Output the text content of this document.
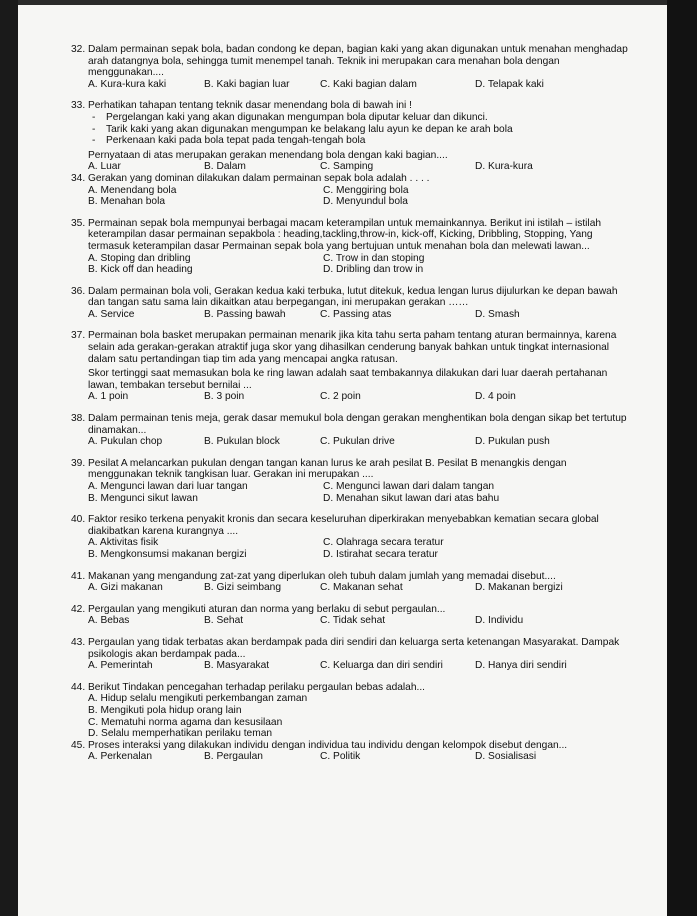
32. Dalam permainan sepak bola, badan condong ke depan, bagian kaki yang akan digunakan untuk menahan menghadap arah datangnya bola, sehingga tumit menempel tanah. Teknik ini merupakan cara menahan bola dengan menggunakan....
A. Kura-kura kaki	B. Kaki bagian luar	C. Kaki bagian dalam	D. Telapak kaki
33. Perhatikan tahapan tentang teknik dasar menendang bola di bawah ini !
- Pergelangan kaki yang akan digunakan mengumpan bola diputar keluar dan dikunci.
- Tarik kaki yang akan digunakan mengumpan ke belakang lalu ayun ke depan ke arah bola
- Perkenaan kaki pada bola tepat pada tengah-tengah bola
Pernyataan di atas merupakan gerakan menendang bola dengan kaki bagian....
A. Luar	B. Dalam	C. Samping	D. Kura-kura
34. Gerakan yang dominan dilakukan dalam permainan sepak bola adalah . . . .
A. Menendang bola	C. Menggiring bola
B. Menahan bola	D. Menyundul bola
35. Permainan sepak bola mempunyai berbagai macam keterampilan untuk memainkannya. Berikut ini istilah – istilah keterampilan dasar permainan sepakbola : heading,tackling,throw-in, kick-off, Kicking, Dribbling, Stopping, Yang termasuk keterampilan dasar Permainan sepak bola yang bertujuan untuk menahan bola dan melewati lawan...
A. Stoping dan dribling	C. Trow in dan stoping
B. Kick off dan heading	D. Dribling dan trow in
36. Dalam permainan bola voli, Gerakan kedua kaki terbuka, lutut ditekuk, kedua lengan lurus dijulurkan ke depan bawah dan tangan satu sama lain dikaitkan atau berpegangan, ini merupakan gerakan ……
A. Service	B. Passing bawah	C. Passing atas	D. Smash
37. Permainan bola basket merupakan permainan menarik jika kita tahu serta paham tentang aturan bermainnya, karena selain ada gerakan-gerakan atraktif juga skor yang dihasilkan cenderung banyak bahkan untuk tingkat internasional dalam satu pertandingan tiap tim ada yang mencapai angka ratusan.
Skor tertinggi saat memasukan bola ke ring lawan adalah saat tembakannya dilakukan dari luar daerah pertahanan lawan, tembakan tersebut bernilai ...
A. 1 poin	B. 3 poin	C. 2 poin	D. 4 poin
38. Dalam permainan tenis meja, gerak dasar memukul bola dengan gerakan menghentikan bola dengan sikap bet tertutup dinamakan...
A. Pukulan chop	B. Pukulan block	C. Pukulan drive	D. Pukulan push
39. Pesilat A melancarkan pukulan dengan tangan kanan lurus ke arah pesilat B. Pesilat B menangkis dengan menggunakan teknik tangkisan luar. Gerakan ini merupakan ....
A. Mengunci lawan dari luar tangan	C. Mengunci lawan dari dalam tangan
B. Mengunci sikut lawan	D. Menahan sikut lawan dari atas bahu
40. Faktor resiko terkena penyakit kronis dan secara keseluruhan diperkirakan menyebabkan kematian secara global diakibatkan karena kurangnya ....
A. Aktivitas fisik	C. Olahraga secara teratur
B. Mengkonsumsi makanan bergizi	D. Istirahat secara teratur
41. Makanan yang mengandung zat-zat yang diperlukan oleh tubuh dalam jumlah yang memadai disebut....
A. Gizi makanan	B. Gizi seimbang	C. Makanan sehat	D. Makanan bergizi
42. Pergaulan yang mengikuti aturan dan norma yang berlaku di sebut pergaulan...
A. Bebas	B. Sehat	C. Tidak sehat	D. Individu
43. Pergaulan yang tidak terbatas akan berdampak pada diri sendiri dan keluarga serta ketenangan Masyarakat. Dampak psikologis akan berdampak pada...
A. Pemerintah	B. Masyarakat	C. Keluarga dan diri sendiri	D. Hanya diri sendiri
44. Berikut Tindakan pencegahan terhadap perilaku pergaulan bebas adalah...
A. Hidup selalu mengikuti perkembangan zaman
B. Mengikuti pola hidup orang lain
C. Mematuhi norma agama dan kesusilaan
D. Selalu memperhatikan perilaku teman
45. Proses interaksi yang dilakukan individu dengan individua tau individu dengan kelompok disebut dengan...
A. Perkenalan	B. Pergaulan	C. Politik	D. Sosialisasi
